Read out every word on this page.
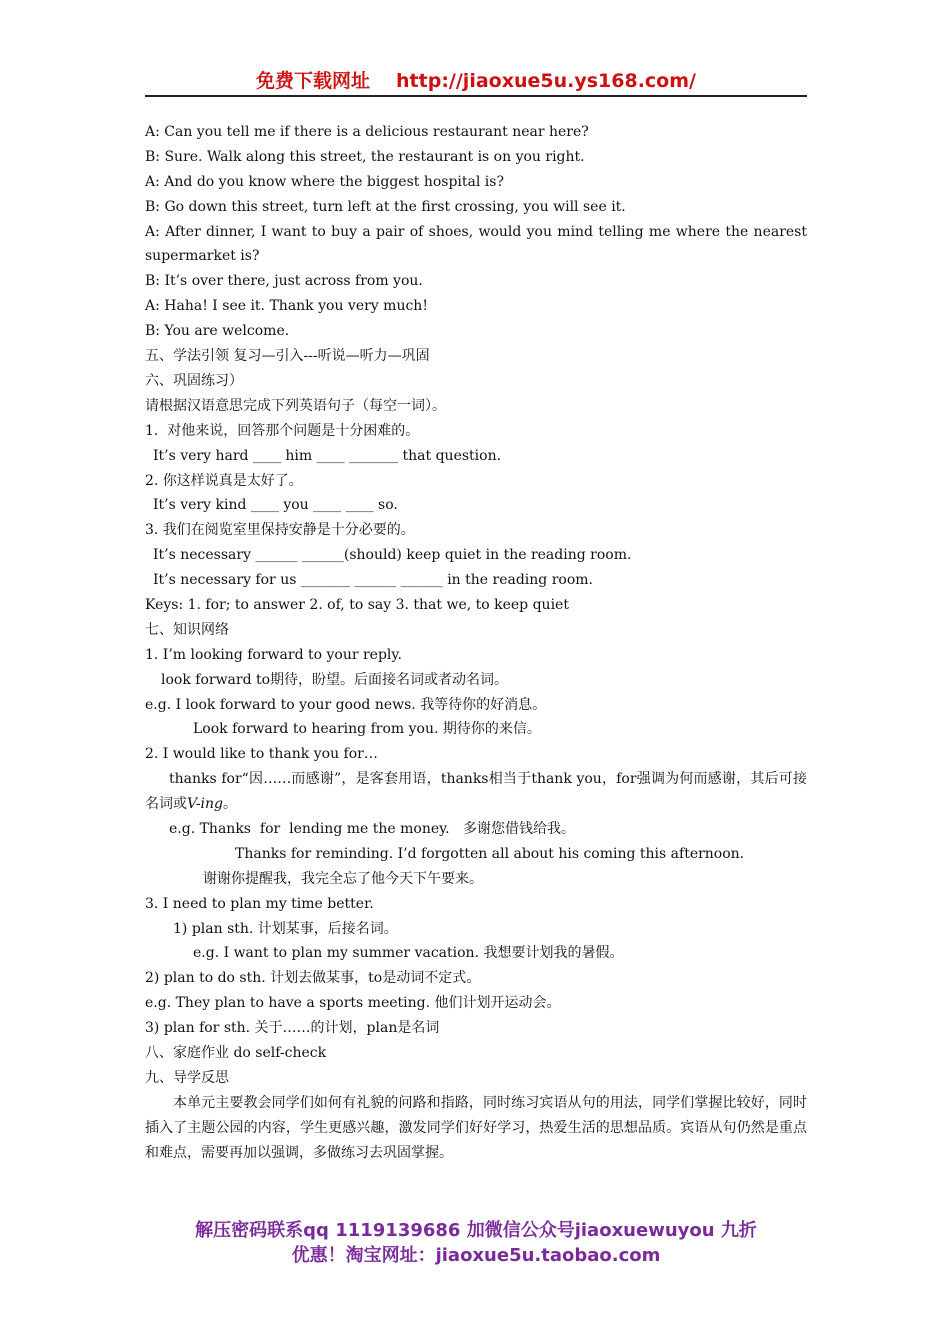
免费下载网址 http://jiaoxue5u.ys168.com/
A: Can you tell me if there is a delicious restaurant near here?
B: Sure. Walk along this street, the restaurant is on you right.
A: And do you know where the biggest hospital is?
B: Go down this street, turn left at the first crossing, you will see it.
A: After dinner, I want to buy a pair of shoes, would you mind telling me where the nearest supermarket is?
B: It’s over there, just across from you.
A: Haha! I see it. Thank you very much!
B: You are welcome.
五、学法引领 复习—引入---听说—听力—巩固
六、巩固练习）
请根据汉语意思完成下列英语句子（每空一词）。
1.  对他来说，回答那个问题是十分困难的。
It’s very hard ____ him ____ _______ that question.
2. 你这样说真是太好了。
It’s very kind ____ you ____ ____ so.
3. 我们在阅览室里保持安静是十分必要的。
It’s necessary ______ ______(should) keep quiet in the reading room.
It’s necessary for us _______ ______ ______ in the reading room.
Keys: 1. for; to answer 2. of, to say 3. that we, to keep quiet
七、知识网络
1. I’m looking forward to your reply.
look forward to期待，盼望。后面接名词或者动名词。
e.g. I look forward to your good news. 我等待你的好消息。
Look forward to hearing from you. 期待你的来信。
2. I would like to thank you for…
thanks for“因……而感谢”，是客套用语，thanks相当于thank you，for强调为何而感谢，其后可接名词或V-ing。
e.g. Thanks  for  lending me the money.   多谢您借钱给我。
Thanks for reminding. I’d forgotten all about his coming this afternoon.
谢谢你提醒我，我完全忘了他今天下午要来。
3. I need to plan my time better.
1) plan sth. 计划某事，后接名词。
e.g. I want to plan my summer vacation. 我想要计划我的暑假。
2) plan to do sth. 计划去做某事，to是动词不定式。
e.g. They plan to have a sports meeting. 他们计划开运动会。
3) plan for sth. 关于……的计划，plan是名词
八、家庭作业 do self-check
九、导学反思
本单元主要教会同学们如何有礼貌的问路和指路，同时练习宾语从句的用法，同学们掌握比较好，同时插入了主题公园的内容，学生更感兴趣，激发同学们好好学习，热爱生活的思想品质。宾语从句仍然是重点和难点，需要再加以强调，多做练习去巩固掌握。
解压密码联系qq 1119139686 加微信公众号jiaoxuewuyou 九折
优惠！淘宝网址：jiaoxue5u.taobao.com
